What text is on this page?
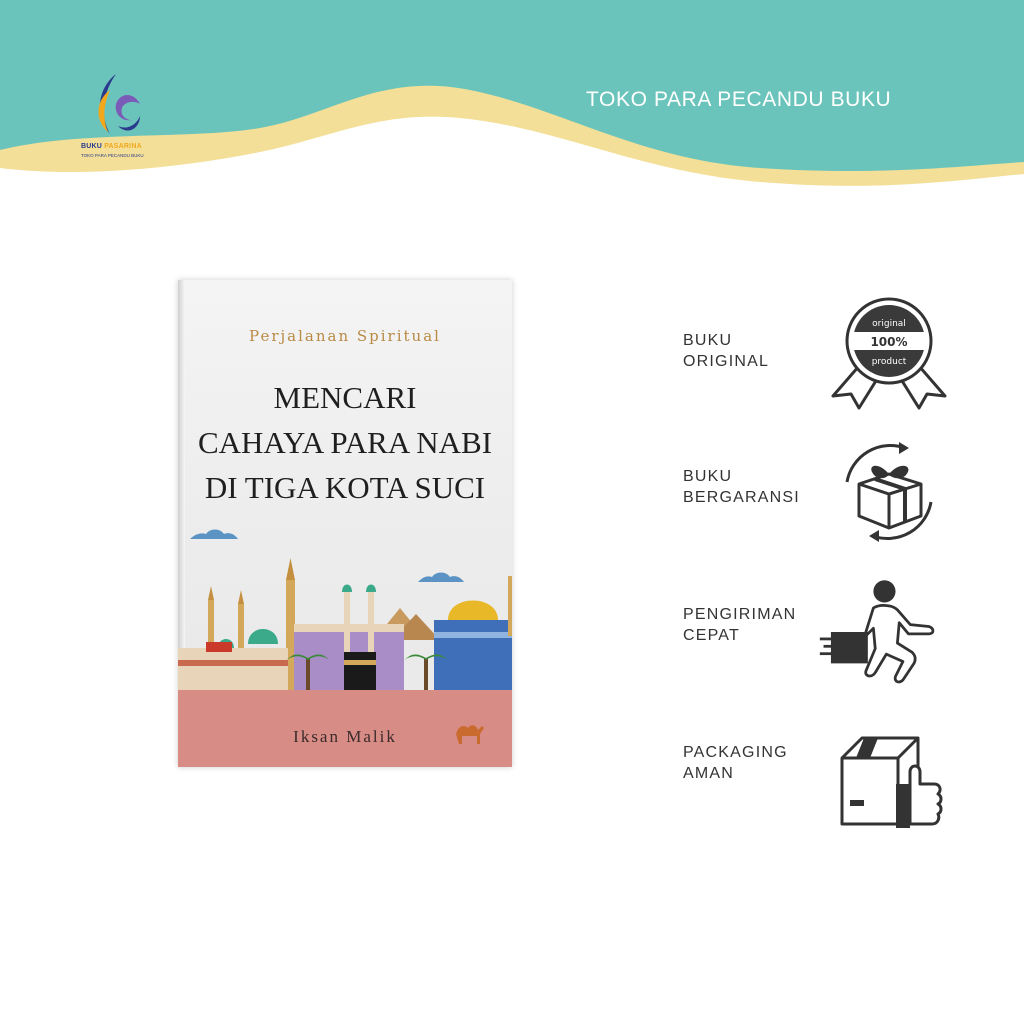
BUKU PASARINA
TOKO PARA PECANDU BUKU
TOKO PARA PECANDU BUKU
Perjalanan Spiritual
MENCARI
CAHAYA PARA NABI
DI TIGA KOTA SUCI
Iksan Malik
BUKU
ORIGINAL
100%
original
product
BUKU
BERGARANSI
PENGIRIMAN
CEPAT
PACKAGING
AMAN
